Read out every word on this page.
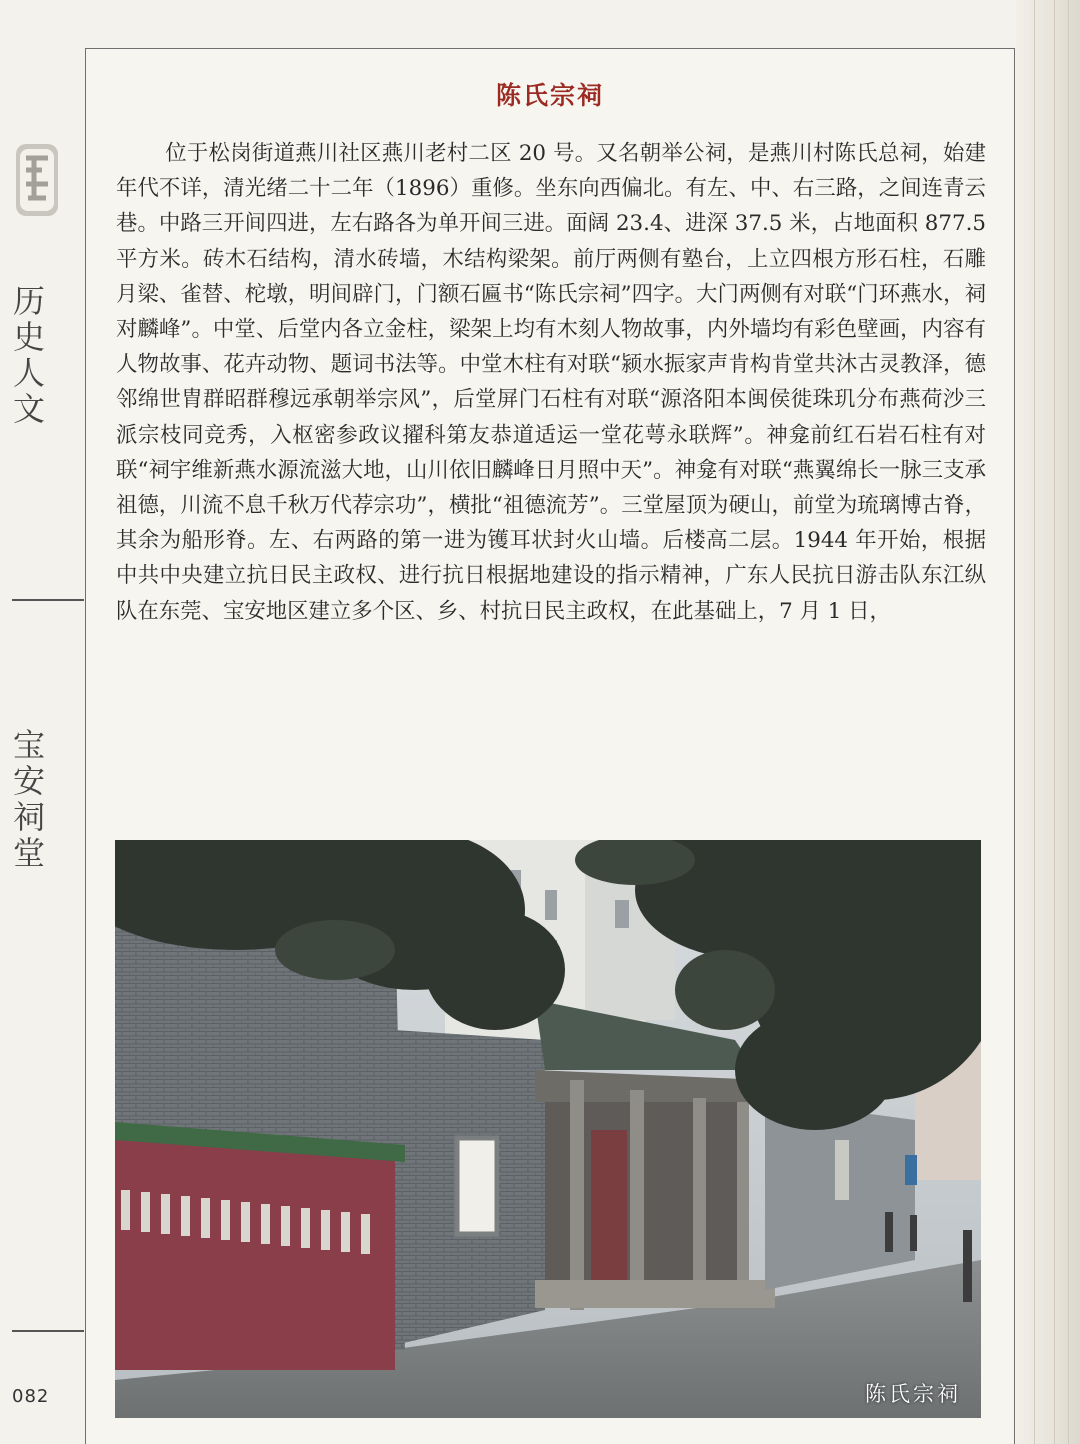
陈氏宗祠

位于松岗街道燕川社区燕川老村二区 20 号。又名朝举公祠，是燕川村陈氏总祠，始建年代不详，清光绪二十二年（1896）重修。坐东向西偏北。有左、中、右三路，之间连青云巷。中路三开间四进，左右路各为单开间三进。面阔 23.4、进深 37.5 米，占地面积 877.5 平方米。砖木石结构，清水砖墙，木结构梁架。前厅两侧有塾台，上立四根方形石柱，石雕月梁、雀替、柁墩，明间辟门，门额石匾书“陈氏宗祠”四字。大门两侧有对联“门环燕水，祠对麟峰”。中堂、后堂内各立金柱，梁架上均有木刻人物故事，内外墙均有彩色壁画，内容有人物故事、花卉动物、题词书法等。中堂木柱有对联“颍水振家声肯构肯堂共沐古灵教泽，德邻绵世胄群昭群穆远承朝举宗风”，后堂屏门石柱有对联“源洛阳本闽侯徙珠玑分布燕荷沙三派宗枝同竞秀，入枢密参政议擢科第友恭道适运一堂花萼永联辉”。神龛前红石岩石柱有对联“祠宇维新燕水源流滋大地，山川依旧麟峰日月照中天”。神龛有对联“燕翼绵长一脉三支承祖德，川流不息千秋万代荐宗功”，横批“祖德流芳”。三堂屋顶为硬山，前堂为琉璃博古脊，其余为船形脊。左、右两路的第一进为镬耳状封火山墙。后楼高二层。1944 年开始，根据中共中央建立抗日民主政权、进行抗日根据地建设的指示精神，广东人民抗日游击队东江纵队在东莞、宝安地区建立多个区、乡、村抗日民主政权，在此基础上，7 月 1 日，

陈氏宗祠
历史人文
宝安祠堂
082
